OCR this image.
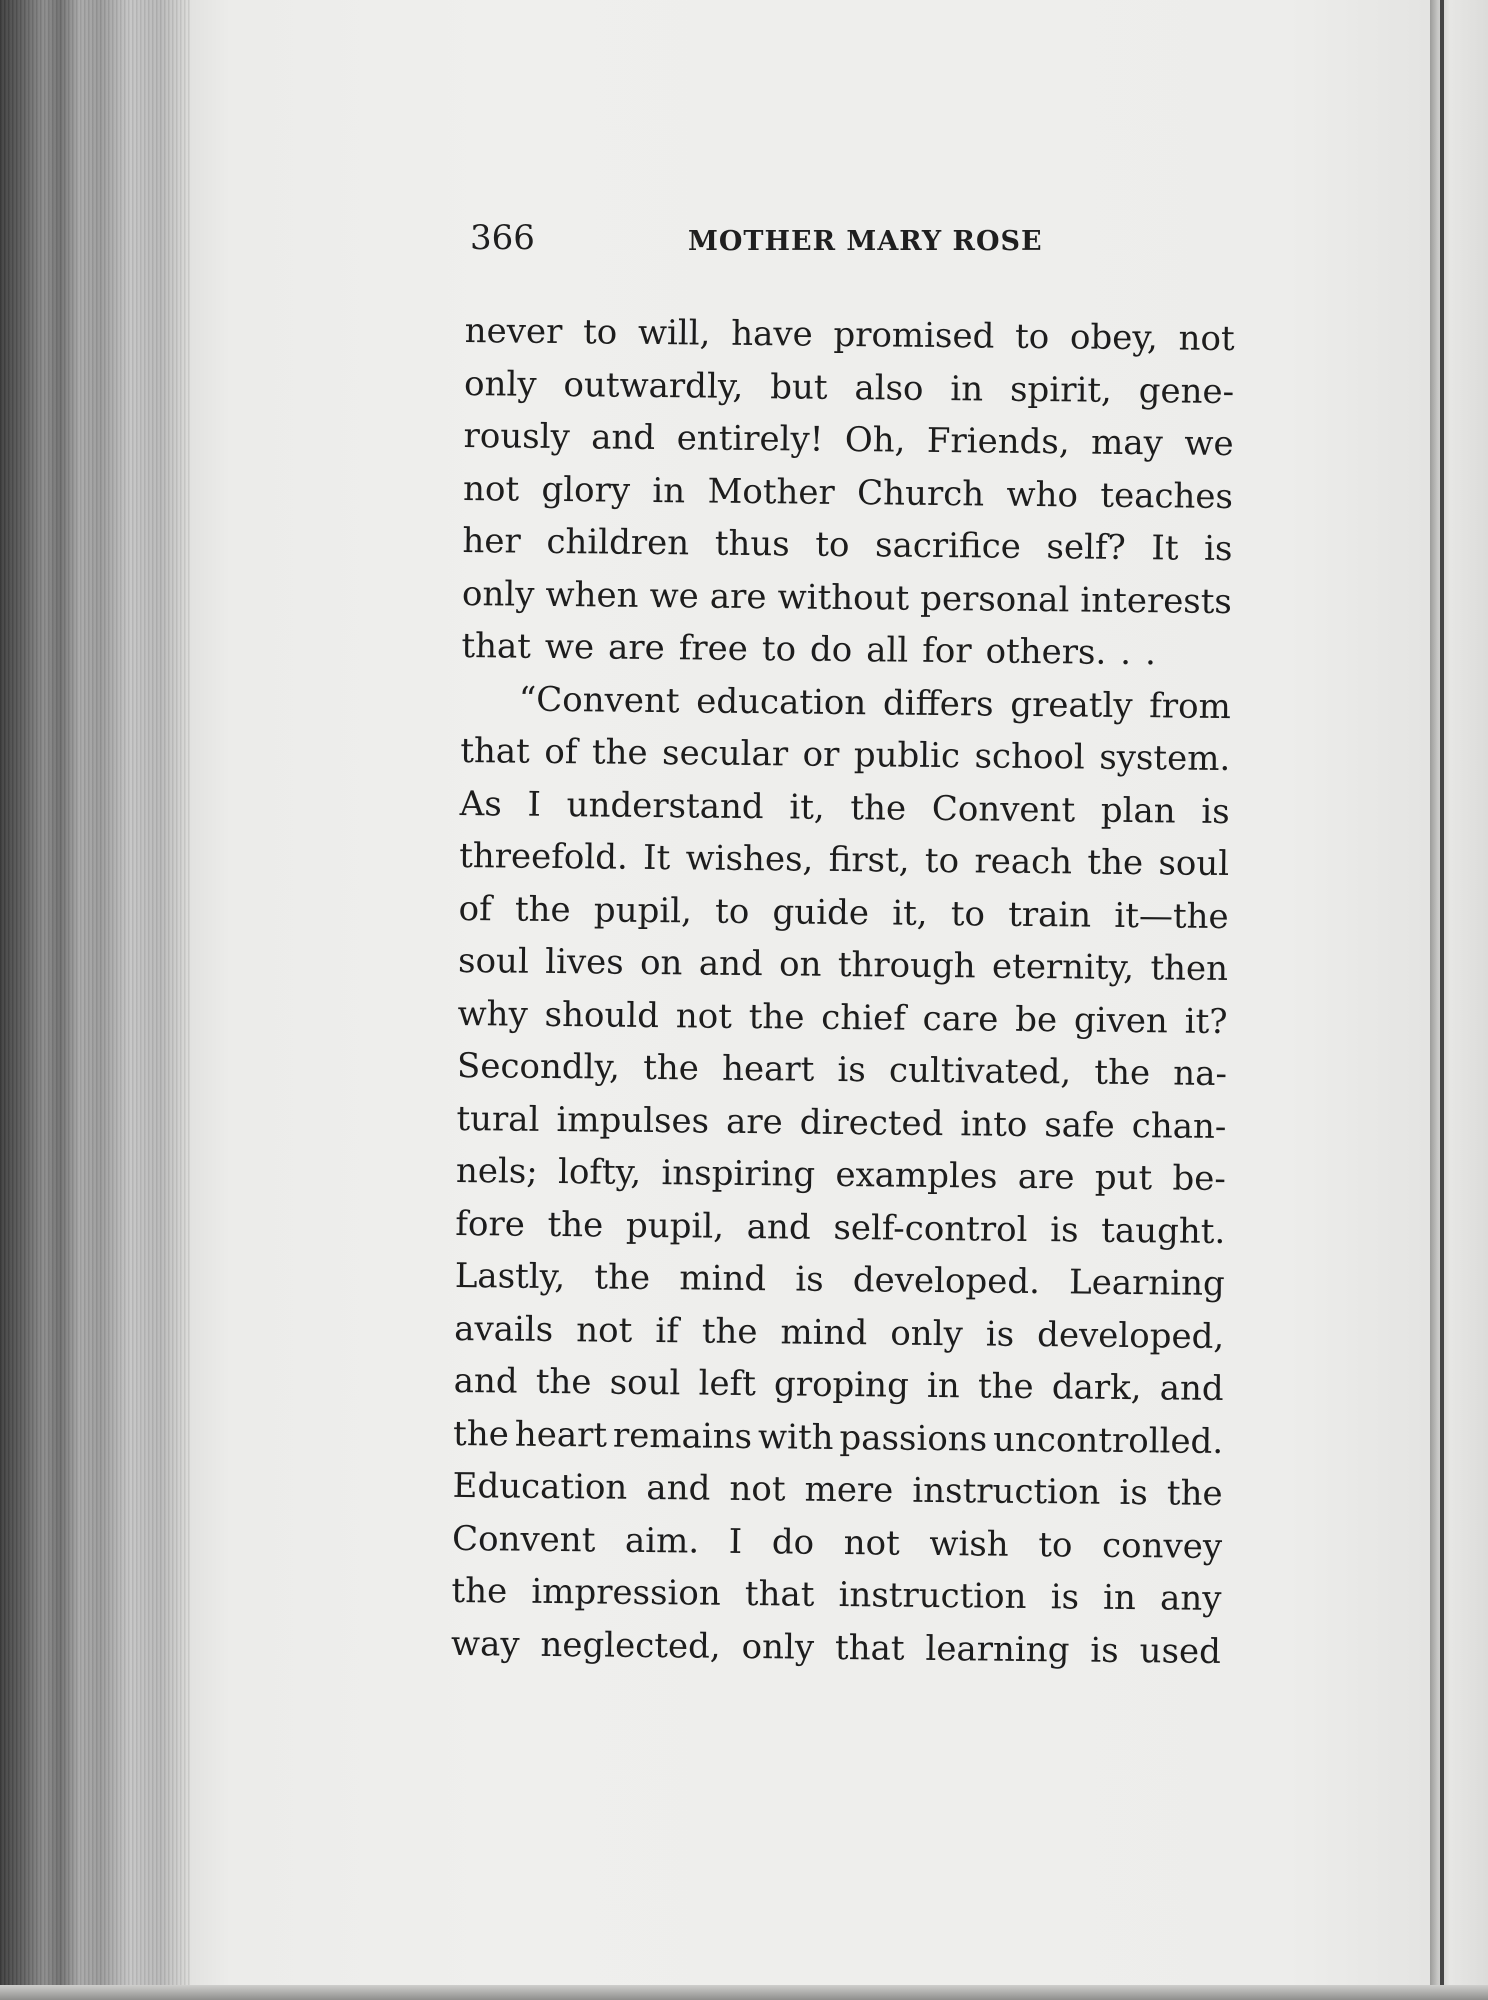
366	MOTHER MARY ROSE
never to will, have promised to obey, not
only outwardly, but also in spirit, gene-
rously and entirely! Oh, Friends, may we
not glory in Mother Church who teaches
her children thus to sacrifice self? It is
only when we are without personal interests
that we are free to do all for others. . .
“Convent education differs greatly from
that of the secular or public school system.
As I understand it, the Convent plan is
threefold. It wishes, first, to reach the soul
of the pupil, to guide it, to train it—the
soul lives on and on through eternity, then
why should not the chief care be given it?
Secondly, the heart is cultivated, the na-
tural impulses are directed into safe chan-
nels; lofty, inspiring examples are put be-
fore the pupil, and self-control is taught.
Lastly, the mind is developed. Learning
avails not if the mind only is developed,
and the soul left groping in the dark, and
the heart remains with passions uncontrolled.
Education and not mere instruction is the
Convent aim. I do not wish to convey
the impression that instruction is in any
way neglected, only that learning is used
